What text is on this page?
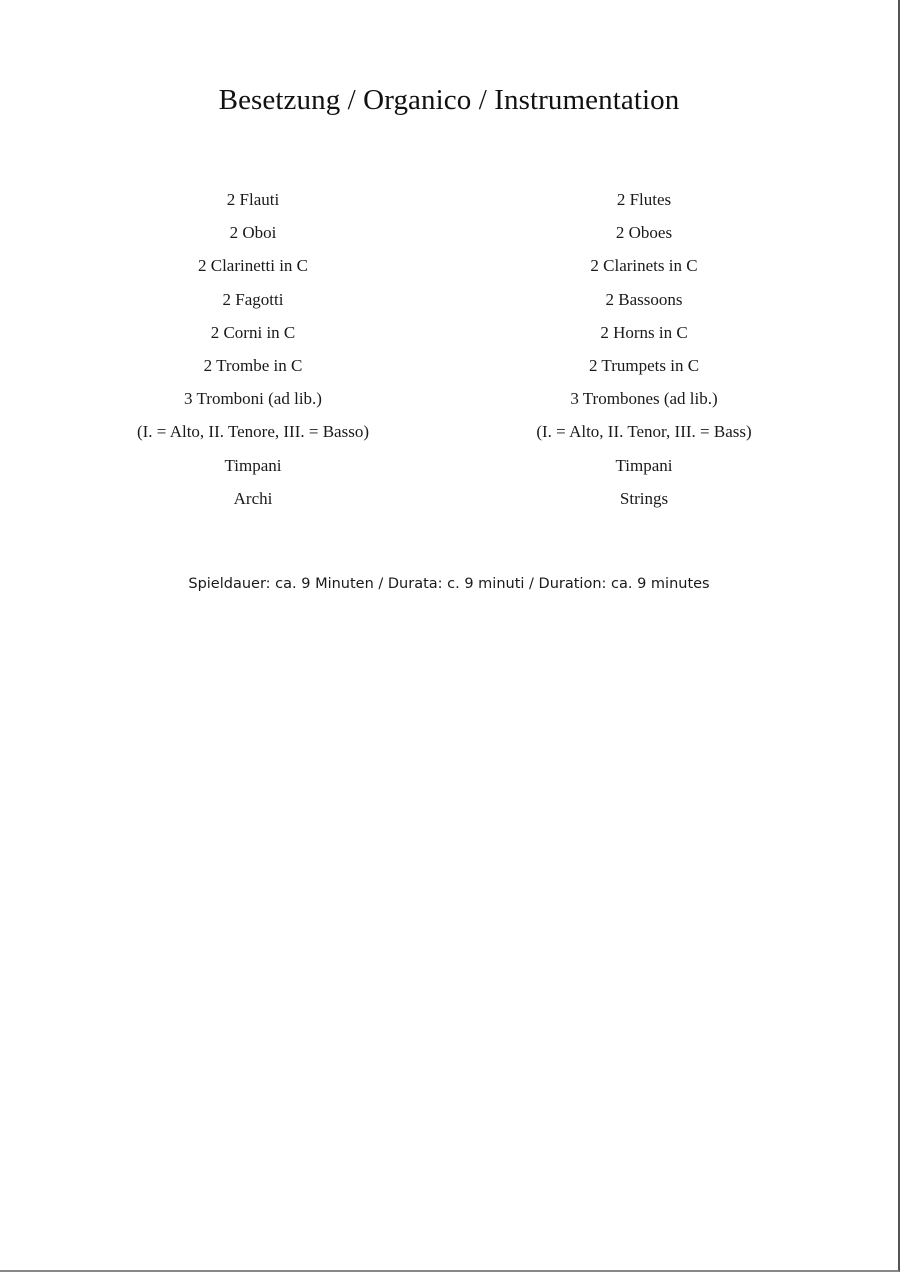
Besetzung / Organico / Instrumentation
2 Flauti
2 Oboi
2 Clarinetti in C
2 Fagotti
2 Corni in C
2 Trombe in C
3 Tromboni (ad lib.)
(I. = Alto, II. Tenore, III. = Basso)
Timpani
Archi
2 Flutes
2 Oboes
2 Clarinets in C
2 Bassoons
2 Horns in C
2 Trumpets in C
3 Trombones (ad lib.)
(I. = Alto, II. Tenor, III. = Bass)
Timpani
Strings

Spieldauer: ca. 9 Minuten / Durata: c. 9 minuti / Duration: ca. 9 minutes
